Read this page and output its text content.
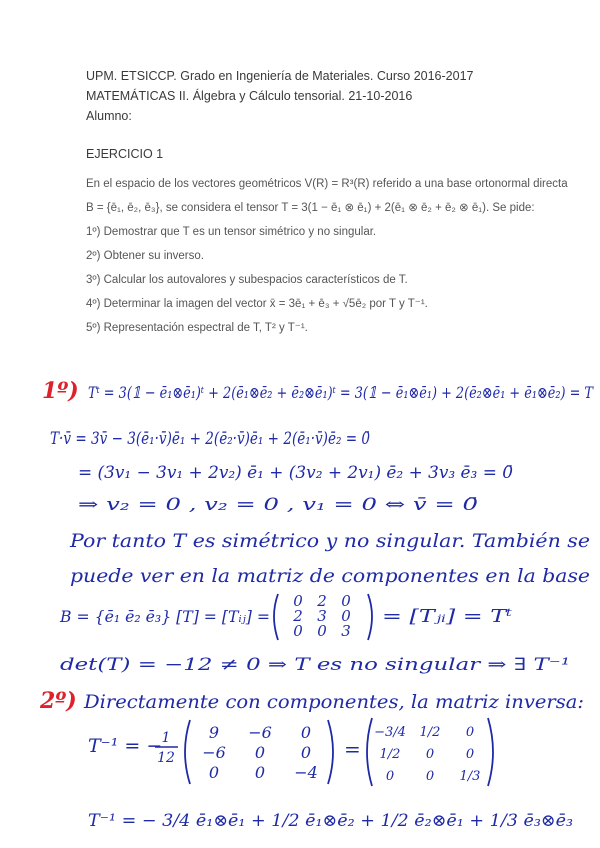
UPM. ETSICCP. Grado en Ingeniería de Materiales. Curso 2016-2017
MATEMÁTICAS II. Álgebra y Cálculo tensorial. 21-10-2016
Alumno:
EJERCICIO 1
En el espacio de los vectores geométricos V(R) = R³(R) referido a una base ortonormal directa
B = {ē₁, ē₂, ē₃}, se considera el tensor T = 3(1 − ē₁ ⊗ ē₁) + 2(ē₁ ⊗ ē₂ + ē₂ ⊗ ē₁). Se pide:
1º) Demostrar que T es un tensor simétrico y no singular.
2º) Obtener su inverso.
3º) Calcular los autovalores y subespacios característicos de T.
4º) Determinar la imagen del vector x̄ = 3ē₁ + ē₃ + √5ē₂ por T y T⁻¹.
5º) Representación espectral de T, T² y T⁻¹.
1º) Tᵗ = 3(𝟙 − ē₁⊗ē₁)ᵗ + 2(ē₁⊗ē₂ + ē₂⊗ē₁)ᵗ = 3(𝟙 − ē₁⊗ē₁) + 2(ē₂⊗ē₁ + ē₁⊗ē₂) = T
T·v̄ = 3v̄ − 3(ē₁·v̄)ē₁ + 2(ē₂·v̄)ē₁ + 2(ē₁·v̄)ē₂ = 0̄
= (3v₁ − 3v₁ + 2v₂) ē₁ + (3v₂ + 2v₁) ē₂ + 3v₃ ē₃ = 0̄
⇒ v₂ = 0 , v₂ = 0 , v₁ = 0 ⇔ v̄ = 0̄
Por tanto T es simétrico y no singular. También se
puede ver en la matriz de componentes en la base
B = {ē₁ ē₂ ē₃} [T] = [Tᵢⱼ] =
0 2 0
2 3 0
0 0 3
= [Tⱼᵢ] = Tᵗ
det(T) = −12 ≠ 0 ⇒ T es no singular ⇒ ∃ T⁻¹
2º) Directamente con componentes, la matriz inversa:
T⁻¹ = − 1
12
9 −6 0
−6 0 0
0 0 −4
=
−3/4 1/2 0
1/2 0 0
0 0 1/3
T⁻¹ = − 3/4 ē₁⊗ē₁ + 1/2 ē₁⊗ē₂ + 1/2 ē₂⊗ē₁ + 1/3 ē₃⊗ē₃
